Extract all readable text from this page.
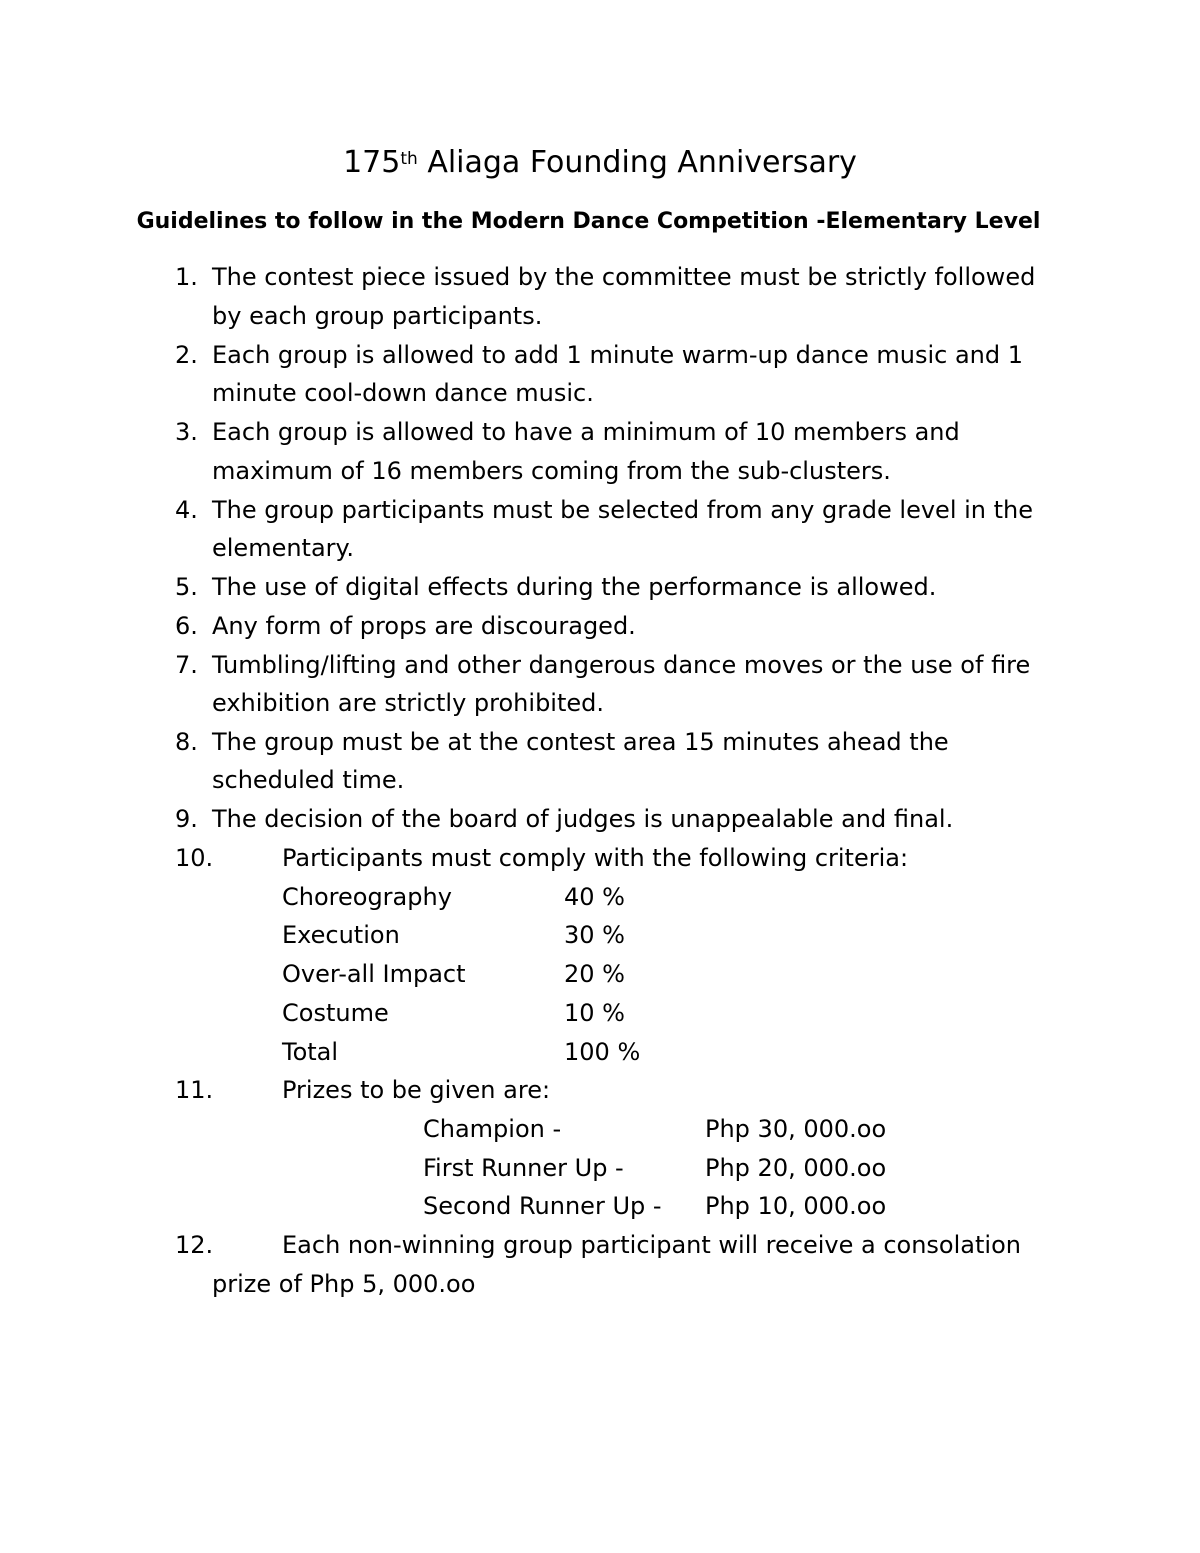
175th Aliaga Founding Anniversary
Guidelines to follow in the Modern Dance Competition -Elementary Level
1. The contest piece issued by the committee must be strictly followed
by each group participants.
2. Each group is allowed to add 1 minute warm-up dance music and 1
minute cool-down dance music.
3. Each group is allowed to have a minimum of 10 members and
maximum of 16 members coming from the sub-clusters.
4. The group participants must be selected from any grade level in the
elementary.
5. The use of digital effects during the performance is allowed.
6. Any form of props are discouraged.
7. Tumbling/lifting and other dangerous dance moves or the use of fire
exhibition are strictly prohibited.
8. The group must be at the contest area 15 minutes ahead the
scheduled time.
9. The decision of the board of judges is unappealable and final.
10.	Participants must comply with the following criteria:
Choreography	40 %
Execution	30 %
Over-all Impact	20 %
Costume	10 %
Total	100 %
11.	Prizes to be given are:
Champion -	Php 30, 000.oo
First Runner Up -	Php 20, 000.oo
Second Runner Up - Php 10, 000.oo
12.	Each non-winning group participant will receive a consolation
prize of Php 5, 000.oo
